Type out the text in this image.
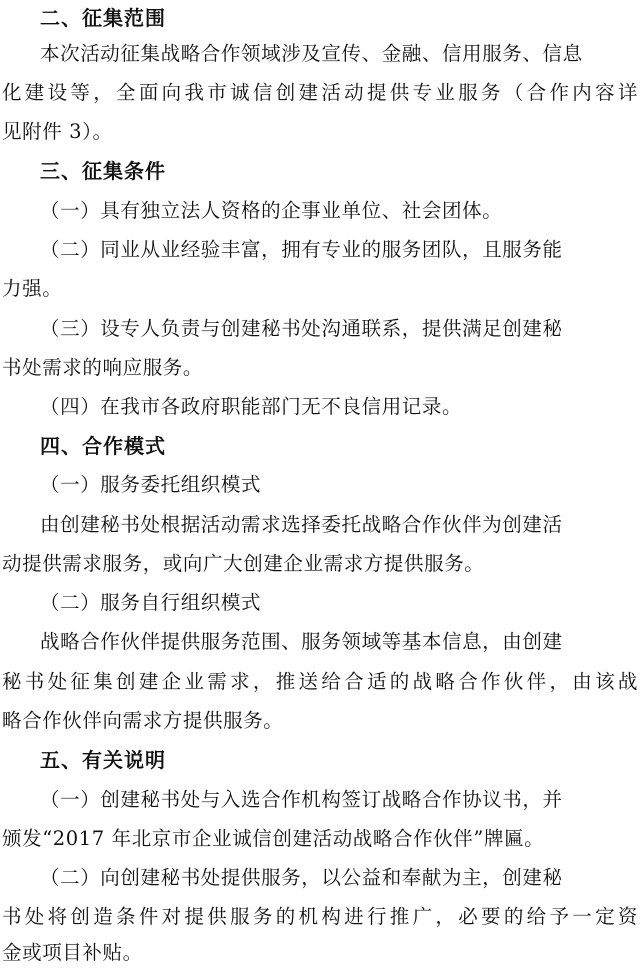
二、征集范围
本次活动征集战略合作领域涉及宣传、金融、信用服务、信息
化建设等，全面向我市诚信创建活动提供专业服务（合作内容详
见附件 3）。
三、征集条件
（一）具有独立法人资格的企事业单位、社会团体。
（二）同业从业经验丰富，拥有专业的服务团队，且服务能
力强。
（三）设专人负责与创建秘书处沟通联系，提供满足创建秘
书处需求的响应服务。
（四）在我市各政府职能部门无不良信用记录。
四、合作模式
（一）服务委托组织模式
由创建秘书处根据活动需求选择委托战略合作伙伴为创建活
动提供需求服务，或向广大创建企业需求方提供服务。
（二）服务自行组织模式
战略合作伙伴提供服务范围、服务领域等基本信息，由创建
秘书处征集创建企业需求，推送给合适的战略合作伙伴，由该战
略合作伙伴向需求方提供服务。
五、有关说明
（一）创建秘书处与入选合作机构签订战略合作协议书，并
颁发“2017 年北京市企业诚信创建活动战略合作伙伴”牌匾。
（二）向创建秘书处提供服务，以公益和奉献为主，创建秘
书处将创造条件对提供服务的机构进行推广，必要的给予一定资
金或项目补贴。
